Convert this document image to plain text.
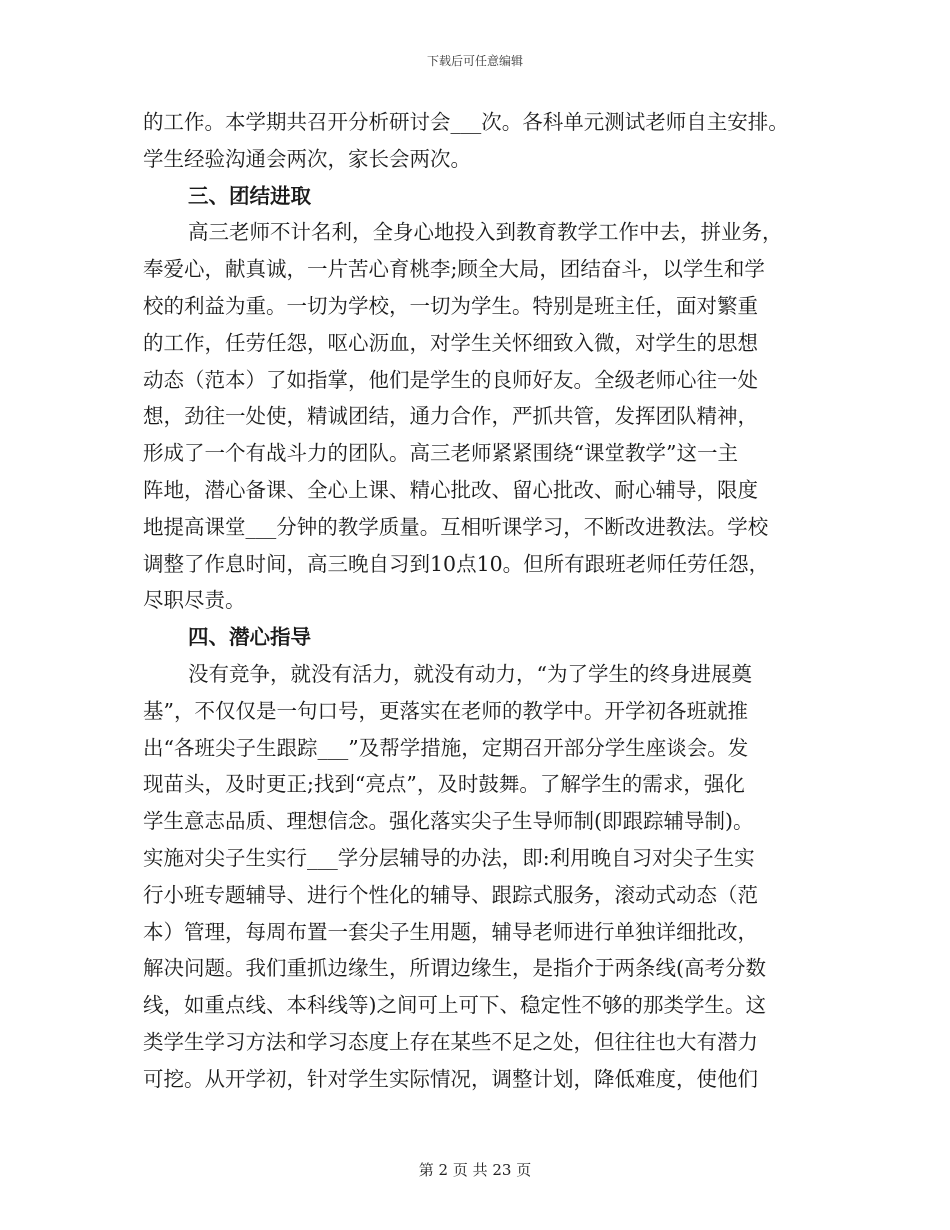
下载后可任意编辑
的工作。本学期共召开分析研讨会___次。各科单元测试老师自主安排。
学生经验沟通会两次，家长会两次。
三、团结进取
高三老师不计名利，全身心地投入到教育教学工作中去，拼业务，
奉爱心，献真诚，一片苦心育桃李;顾全大局，团结奋斗，以学生和学
校的利益为重。一切为学校，一切为学生。特别是班主任，面对繁重
的工作，任劳任怨，呕心沥血，对学生关怀细致入微，对学生的思想
动态（范本）了如指掌，他们是学生的良师好友。全级老师心往一处
想，劲往一处使，精诚团结，通力合作，严抓共管，发挥团队精神，
形成了一个有战斗力的团队。高三老师紧紧围绕“课堂教学”这一主
阵地，潜心备课、全心上课、精心批改、留心批改、耐心辅导，限度
地提高课堂___分钟的教学质量。互相听课学习，不断改进教法。学校
调整了作息时间，高三晚自习到10点10。但所有跟班老师任劳任怨，
尽职尽责。
四、潜心指导
没有竞争，就没有活力，就没有动力，“为了学生的终身进展奠
基”，不仅仅是一句口号，更落实在老师的教学中。开学初各班就推
出“各班尖子生跟踪___”及帮学措施，定期召开部分学生座谈会。发
现苗头，及时更正;找到“亮点”，及时鼓舞。了解学生的需求，强化
学生意志品质、理想信念。强化落实尖子生导师制(即跟踪辅导制)。
实施对尖子生实行___学分层辅导的办法，即:利用晚自习对尖子生实
行小班专题辅导、进行个性化的辅导、跟踪式服务，滚动式动态（范
本）管理，每周布置一套尖子生用题，辅导老师进行单独详细批改，
解决问题。我们重抓边缘生，所谓边缘生，是指介于两条线(高考分数
线，如重点线、本科线等)之间可上可下、稳定性不够的那类学生。这
类学生学习方法和学习态度上存在某些不足之处，但往往也大有潜力
可挖。从开学初，针对学生实际情况，调整计划，降低难度，使他们
第 2 页 共 23 页
